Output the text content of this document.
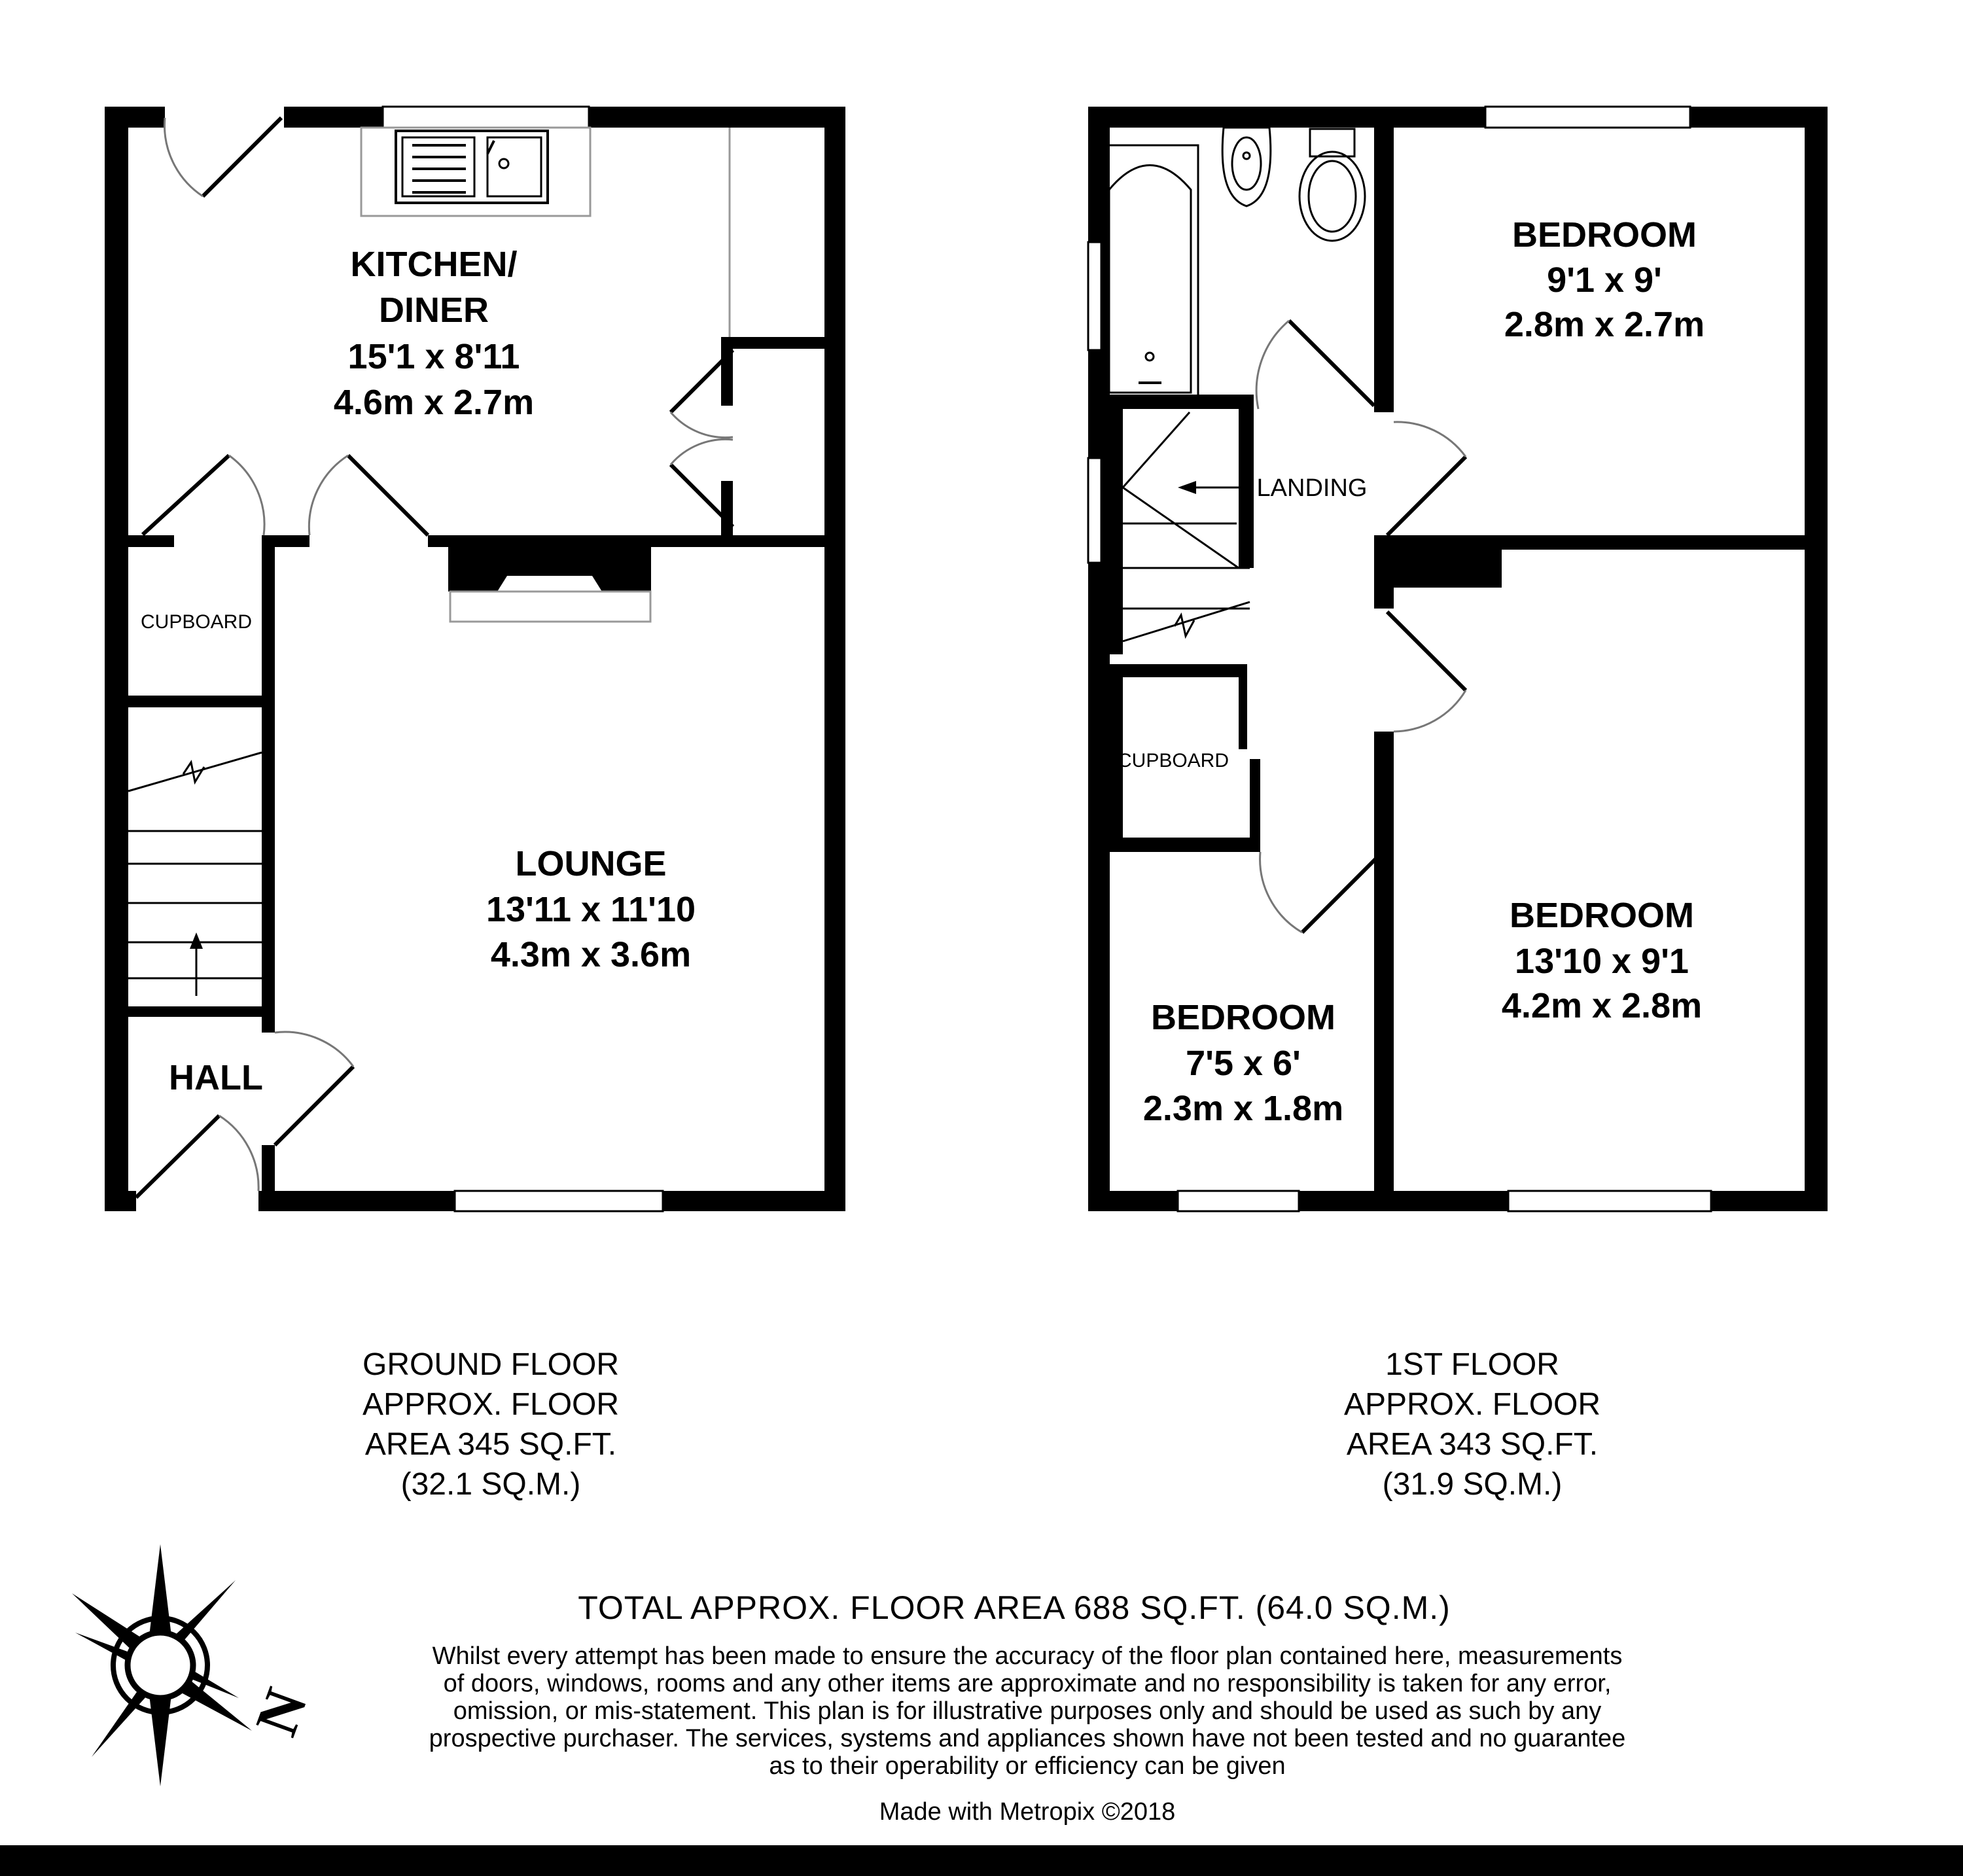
KITCHEN/
DINER
15'1 x 8'11
4.6m x 2.7m
LOUNGE
13'11 x 11'10
4.3m x 3.6m
CUPBOARD
HALL
BEDROOM
9'1 x 9'
2.8m x 2.7m
BEDROOM
13'10 x 9'1
4.2m x 2.8m
BEDROOM
7'5 x 6'
2.3m x 1.8m
LANDING
CUPBOARD
N
GROUND FLOOR
APPROX. FLOOR
AREA 345 SQ.FT.
(32.1 SQ.M.)
1ST FLOOR
APPROX. FLOOR
AREA 343 SQ.FT.
(31.9 SQ.M.)
TOTAL APPROX. FLOOR AREA 688 SQ.FT. (64.0 SQ.M.)
Whilst every attempt has been made to ensure the accuracy of the floor plan contained here, measurements
of doors, windows, rooms and any other items are approximate and no responsibility is taken for any error,
omission, or mis-statement. This plan is for illustrative purposes only and should be used as such by any
prospective purchaser. The services, systems and appliances shown have not been tested and no guarantee
as to their operability or efficiency can be given
Made with Metropix ©2018
